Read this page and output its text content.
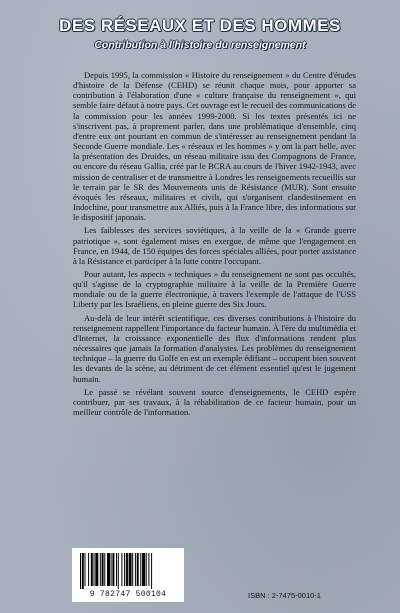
DES RÉSEAUX ET DES HOMMES
Contribution à l'histoire du renseignement

Depuis 1995, la commission « Histoire du renseignement » du Centre d'études d'histoire de la Défense (CEHD) se réunit chaque mois, pour apporter sa contribution à l'élaboration d'une « culture française du renseignement », qui semble faire défaut à notre pays. Cet ouvrage est le recueil des communications de la commission pour les années 1999-2000. Si les textes présentés ici ne s'inscrivent pas, à proprement parler, dans une problématique d'ensemble, cinq d'entre eux ont pourtant en commun de s'intéresser au renseignement pendant la Seconde Guerre mondiale. Les « réseaux et les hommes » y ont la part belle, avec la présentation des Druides, un réseau militaire issu des Compagnons de France, ou encore du réseau Gallia, créé par le BCRA au cours de l'hiver 1942-1943, avec mission de centraliser et de transmettre à Londres les renseignements recueillis sur le terrain par le SR des Mouvements unis de Résistance (MUR). Sont ensuite évoqués les réseaux, militaires et civils, qui s'organisent clandestinement en Indochine, pour transmettre aux Alliés, puis à la France libre, des informations sur le dispositif japonais.

Les faiblesses des services soviétiques, à la veille de la « Grande guerre patriotique », sont également mises en exergue, de même que l'engagement en France, en 1944, de 150 équipes des forces spéciales alliées, pour porter assistance à la Résistance et participer à la lutte contre l'occupant.

Pour autant, les aspects « techniques » du renseignement ne sont pas occultés, qu'il s'agisse de la cryptographie militaire à la veille de la Première Guerre mondiale ou de la guerre électronique, à travers l'exemple de l'attaque de l'USS Liberty par les Israéliens, en pleine guerre des Six Jours.

Au-delà de leur intérêt scientifique, ces diverses contributions à l'histoire du renseignement rappellent l'importance du facteur humain. À l'ère du multimédia et d'Internet, la croissance exponentielle des flux d'informations rendent plus nécessaires que jamais la formation d'analystes. Les problèmes du renseignement technique – la guerre du Golfe en est un exemple édifiant – occupent bien souvent les devants de la scène, au détriment de cet élément essentiel qu'est le jugement humain.

Le passé se révélant souvent source d'enseignements, le CEHD espère contribuer, par ses travaux, à la réhabilitation de ce facteur humain, pour un meilleur contrôle de l'information.

9 782747 500104	ISBN : 2-7475-0010-1
